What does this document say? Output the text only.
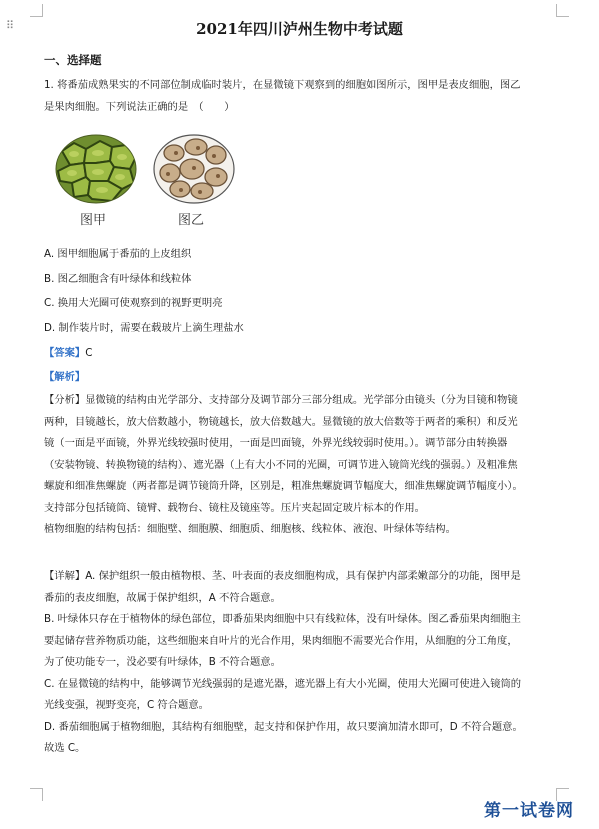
⠿	2021年四川泸州生物中考试题
一、选择题
1. 将番茄成熟果实的不同部位制成临时装片，在显微镜下观察到的细胞如图所示，图甲是表皮细胞，图乙
是果肉细胞。下列说法正确的是　（　　）
图甲	图乙
A. 图甲细胞属于番茄的上皮组织
B. 图乙细胞含有叶绿体和线粒体
C. 换用大光圈可使观察到的视野更明亮
D. 制作装片时，需要在载玻片上滴生理盐水
【答案】C
【解析】
【分析】显微镜的结构由光学部分、支持部分及调节部分三部分组成。光学部分由镜头（分为目镜和物镜
两种，目镜越长，放大倍数越小，物镜越长，放大倍数越大。显微镜的放大倍数等于两者的乘积）和反光
镜（一面是平面镜，外界光线较强时使用，一面是凹面镜，外界光线较弱时使用。）。调节部分由转换器
（安装物镜、转换物镜的结构）、遮光器（上有大小不同的光圈，可调节进入镜筒光线的强弱。）及粗准焦
螺旋和细准焦螺旋（两者都是调节镜筒升降，区别是，粗准焦螺旋调节幅度大，细准焦螺旋调节幅度小）。
支持部分包括镜筒、镜臂、载物台、镜柱及镜座等。压片夹起固定玻片标本的作用。
植物细胞的结构包括：细胞壁、细胞膜、细胞质、细胞核、线粒体、液泡、叶绿体等结构。
【详解】A. 保护组织一般由植物根、茎、叶表面的表皮细胞构成，具有保护内部柔嫩部分的功能，图甲是
番茄的表皮细胞，故属于保护组织，A 不符合题意。
B. 叶绿体只存在于植物体的绿色部位，即番茄果肉细胞中只有线粒体，没有叶绿体。图乙番茄果肉细胞主
要起储存营养物质功能，这些细胞来自叶片的光合作用，果肉细胞不需要光合作用，从细胞的分工角度，
为了使功能专一，没必要有叶绿体，B 不符合题意。
C. 在显微镜的结构中，能够调节光线强弱的是遮光器，遮光器上有大小光圈，使用大光圈可使进入镜筒的
光线变强，视野变亮，C 符合题意。
D. 番茄细胞属于植物细胞，其结构有细胞壁，起支持和保护作用，故只要滴加清水即可，D 不符合题意。
故选 C。
第一试卷网
